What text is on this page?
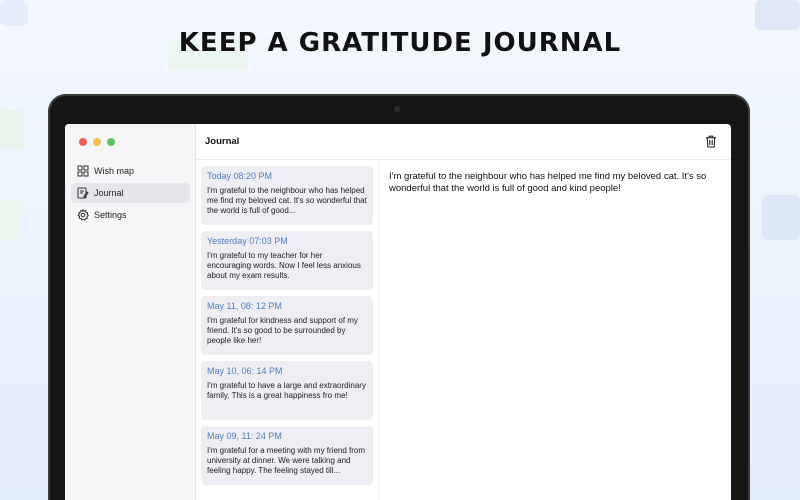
KEEP A GRATITUDE JOURNAL
Wish map
Journal
Settings
Journal
Today 08:20 PM
I'm grateful to the neighbour who has helped me find my beloved cat. It's so wonderful that the world is full of good...
Yesterday 07:03 PM
I'm grateful to my teacher for her encouraging words. Now I feel less anxious about my exam results.
May 11, 08: 12 PM
I'm grateful for kindness and support of my friend. It's so good to be surrounded by people like her!
May 10, 06: 14 PM
I'm grateful to have a large and extraordinary family. This is a great happiness fro me!
May 09, 11: 24 PM
I'm grateful for a meeting with my friend from university at dinner. We were talking and feeling happy. The feeling stayed till...

I'm grateful to the neighbour who has helped me find my beloved cat. It's so wonderful that the world is full of good and kind people!
